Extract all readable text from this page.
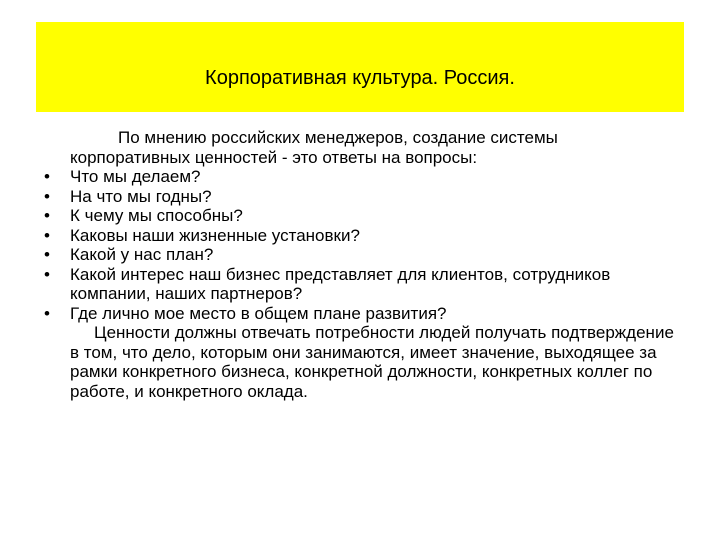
Корпоративная культура. Россия.

По мнению российских менеджеров, создание системы корпоративных ценностей - это ответы на вопросы:

•	Что мы делаем?
•	На что мы годны?
•	К чему мы способны?
•	Каковы наши жизненные установки?
•	Какой у нас план?
•	Какой интерес наш бизнес представляет для клиентов, сотрудников компании, наших партнеров?
•	Где лично мое место в общем плане развития?

Ценности должны отвечать потребности людей получать подтверждение в том, что дело, которым они занимаются, имеет значение, выходящее за рамки конкретного бизнеса, конкретной должности, конкретных коллег по работе, и конкретного оклада.
